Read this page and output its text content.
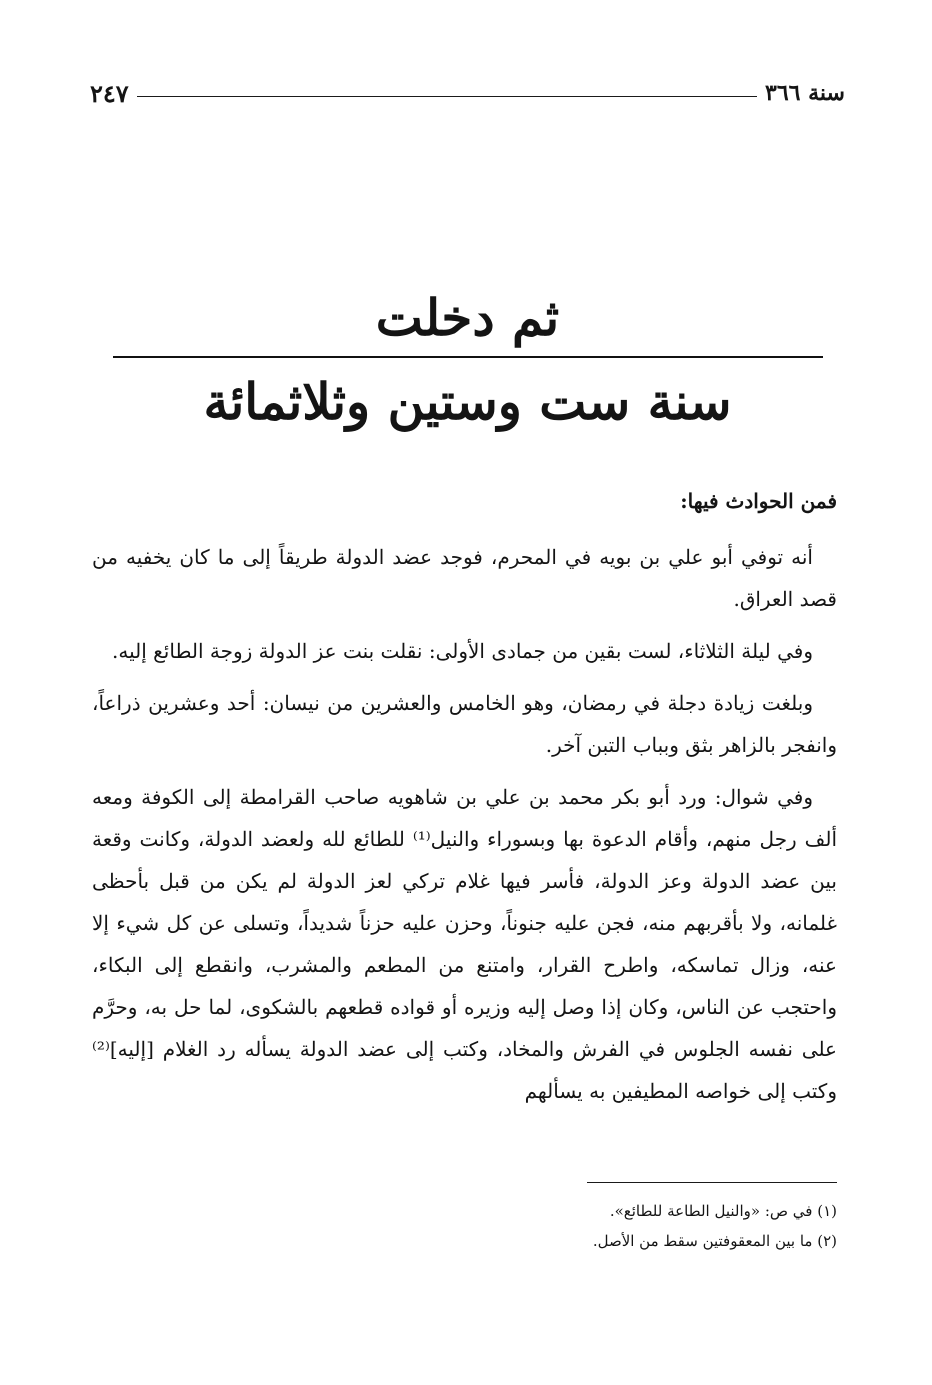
سنة ٣٦٦
٢٤٧
ثم دخلت
سنة ست وستين وثلاثمائة

فمن الحوادث فيها:

أنه توفي أبو علي بن بويه في المحرم، فوجد عضد الدولة طريقاً إلى ما كان يخفيه من قصد العراق.

وفي ليلة الثلاثاء، لست بقين من جمادى الأولى: نقلت بنت عز الدولة زوجة الطائع إليه.

وبلغت زيادة دجلة في رمضان، وهو الخامس والعشرين من نيسان: أحد وعشرين ذراعاً، وانفجر بالزاهر بثق وبباب التبن آخر.

وفي شوال: ورد أبو بكر محمد بن علي بن شاهويه صاحب القرامطة إلى الكوفة ومعه ألف رجل منهم، وأقام الدعوة بها وبسوراء والنيل⁽¹⁾ للطائع لله ولعضد الدولة، وكانت وقعة بين عضد الدولة وعز الدولة، فأسر فيها غلام تركي لعز الدولة لم يكن من قبل بأحظى غلمانه، ولا بأقربهم منه، فجن عليه جنوناً، وحزن عليه حزناً شديداً، وتسلى عن كل شيء إلا عنه، وزال تماسكه، واطرح القرار، وامتنع من المطعم والمشرب، وانقطع إلى البكاء، واحتجب عن الناس، وكان إذا وصل إليه وزيره أو قواده قطعهم بالشكوى، لما حل به، وحرَّم على نفسه الجلوس في الفرش والمخاد، وكتب إلى عضد الدولة يسأله رد الغلام [إليه]⁽²⁾ وكتب إلى خواصه المطيفين به يسألهم

(١) في ص: «والنيل الطاعة للطائع».
(٢) ما بين المعقوفتين سقط من الأصل.
